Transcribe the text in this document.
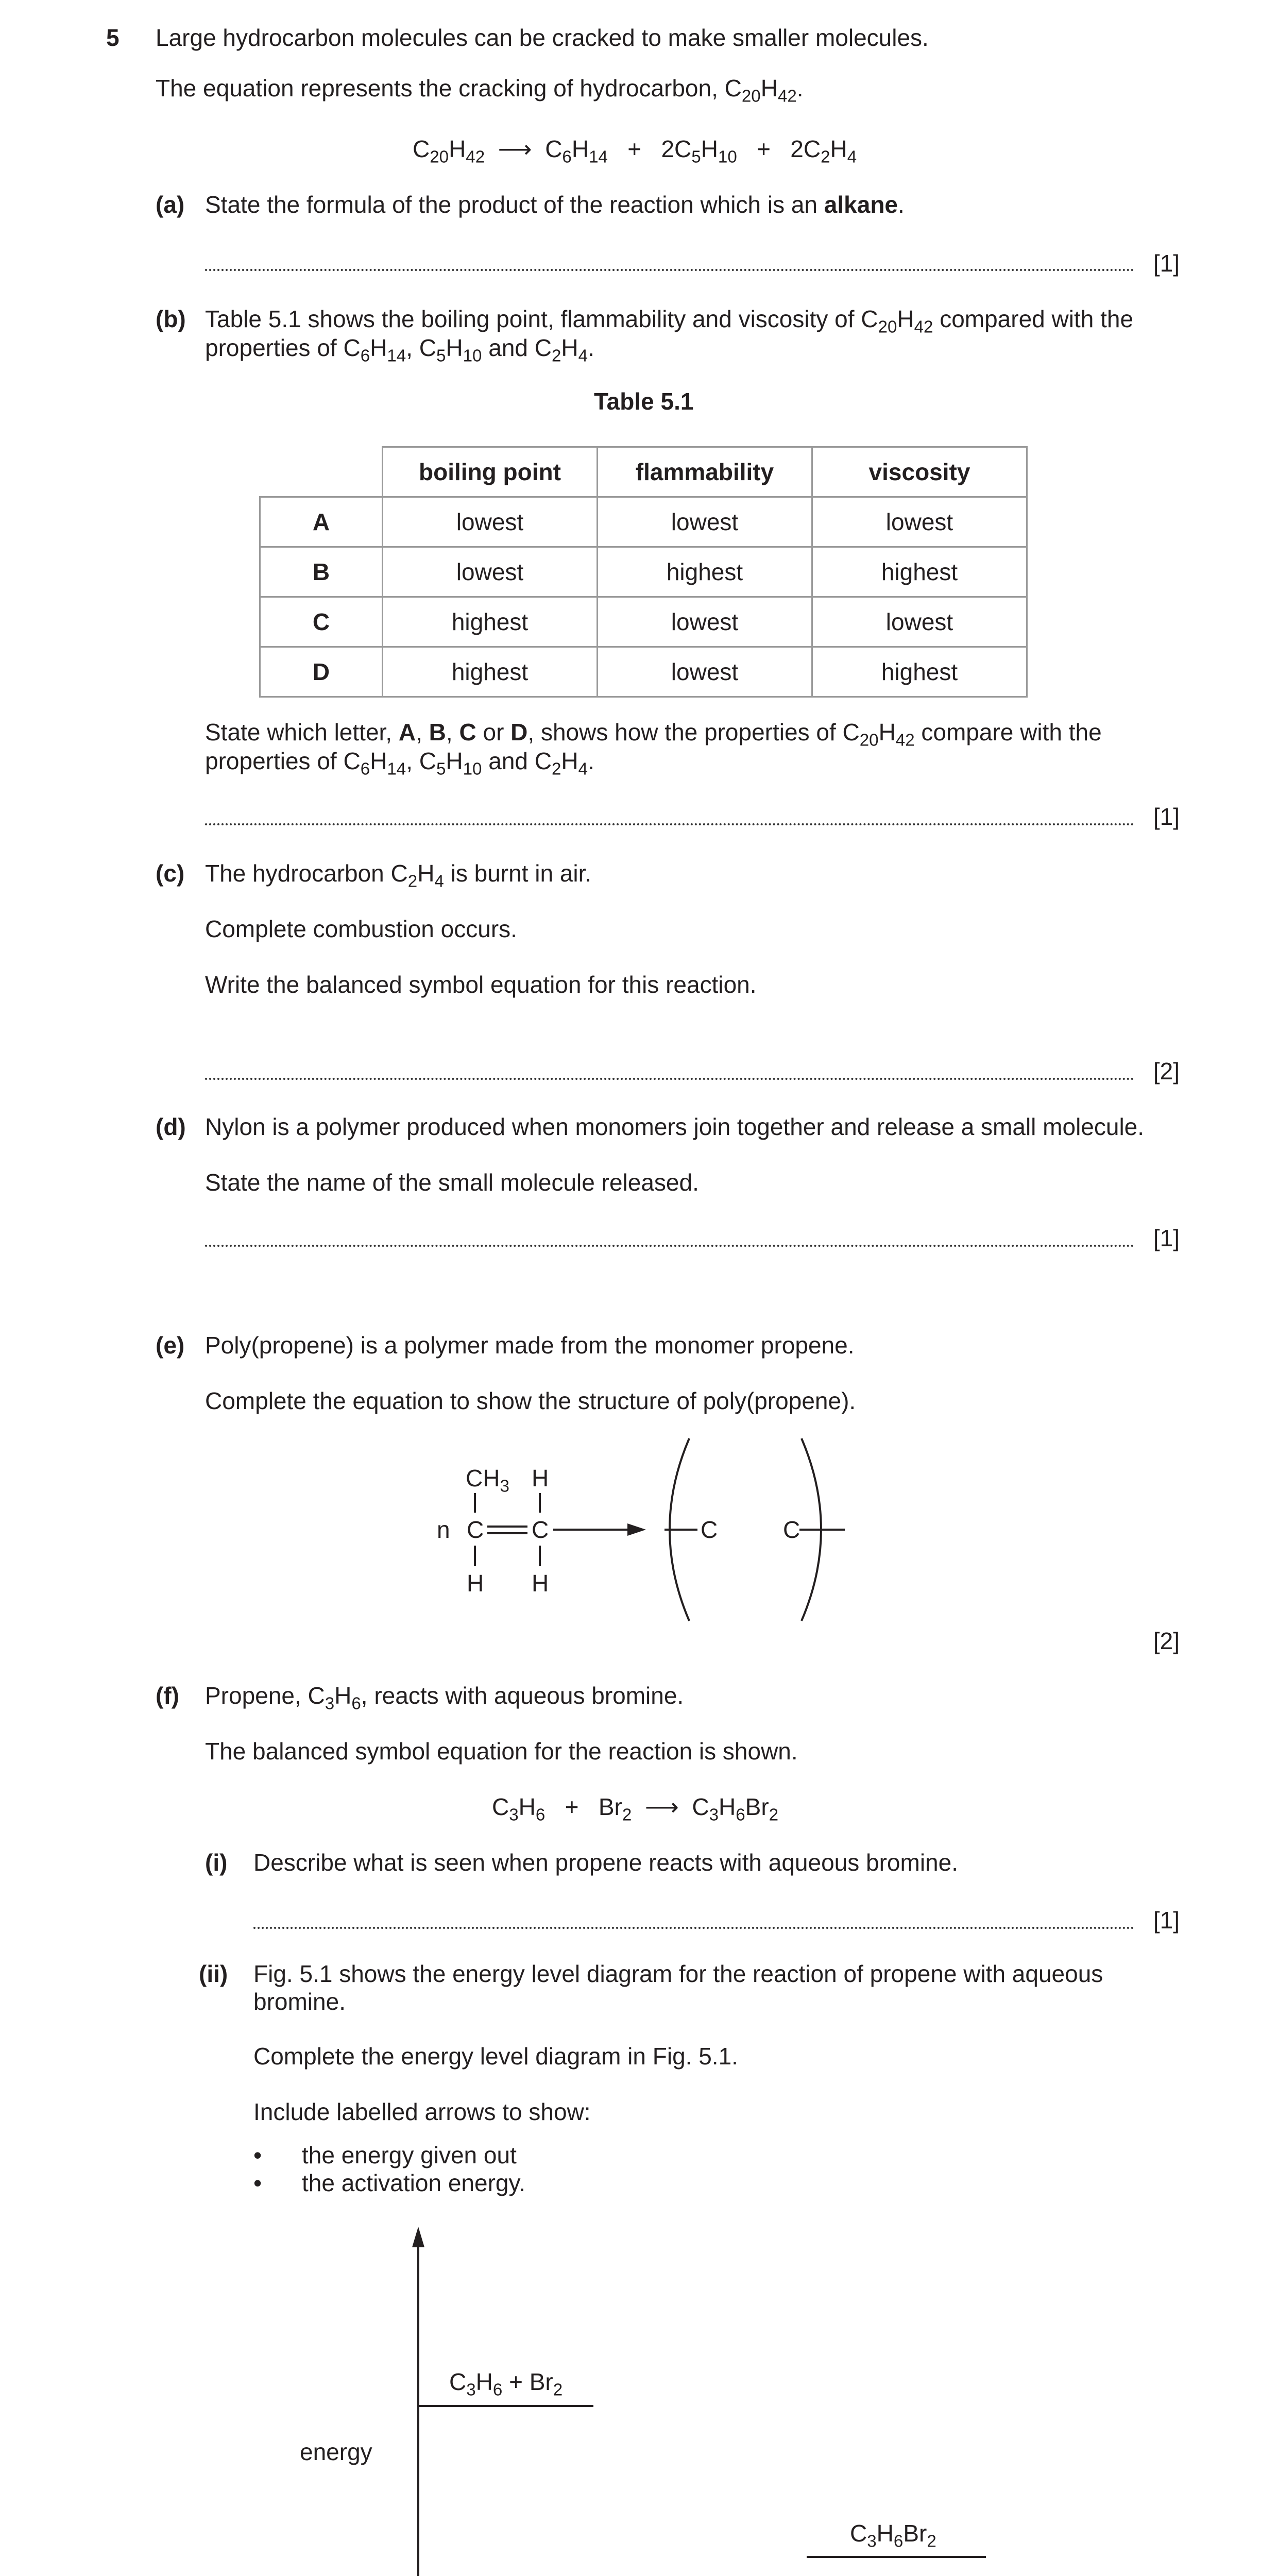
5 Large hydrocarbon molecules can be cracked to make smaller molecules.
The equation represents the cracking of hydrocarbon, $C_{20}H_{42}$.
$C_{20}H_{42}$  ⟶  $C_6H_{14} + 2C_5H_{10} + 2C_2H_4$
(a) State the formula of the product of the reaction which is an alkane.
[1]
(b) Table 5.1 shows the boiling point, flammability and viscosity of $C_{20}H_{42}$ compared with the
properties of $C_6H_{14}$, $C_5H_{10}$ and $C_2H_4$.
Table 5.1
	boiling point	flammability	viscosity
A	lowest	lowest	lowest
B	lowest	highest	highest
C	highest	lowest	lowest
D	highest	lowest	highest
State which letter, A, B, C or D, shows how the properties of $C_{20}H_{42}$ compare with the
properties of $C_6H_{14}$, $C_5H_{10}$ and $C_2H_4$.
[1]
(c) The hydrocarbon $C_2H_4$ is burnt in air.
Complete combustion occurs.
Write the balanced symbol equation for this reaction.
[2]
(d) Nylon is a polymer produced when monomers join together and release a small molecule.
State the name of the small molecule released.
[1]
(e) Poly(propene) is a polymer made from the monomer propene.
Complete the equation to show the structure of poly(propene).
$CH_3$ H
n C C
H H
C	C
[2]
(f) Propene, $C_3H_6$, reacts with aqueous bromine.
The balanced symbol equation for the reaction is shown.
$C_3H_6 + Br_2$  ⟶  $C_3H_6Br_2$
(i) Describe what is seen when propene reacts with aqueous bromine.
[1]
(ii) Fig. 5.1 shows the energy level diagram for the reaction of propene with aqueous
bromine.
Complete the energy level diagram in Fig. 5.1.
Include labelled arrows to show:
• the energy given out
• the activation energy.
energy
$C_3H_6 + Br_2$
$C_3H_6Br_2$
